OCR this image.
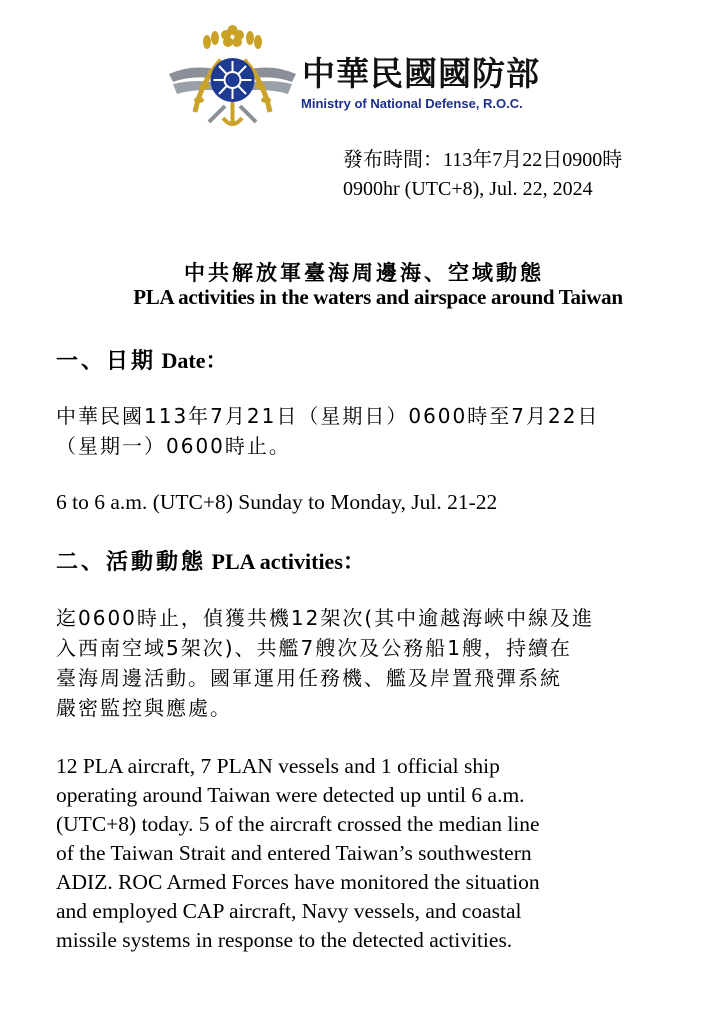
中華民國國防部
Ministry of National Defense, R.O.C.
發布時間：113年7月22日0900時
0900hr (UTC+8), Jul. 22, 2024
中共解放軍臺海周邊海、空域動態
PLA activities in the waters and airspace around Taiwan
一、日期 Date：
中華民國113年7月21日（星期日）0600時至7月22日
（星期一）0600時止。
6 to 6 a.m. (UTC+8) Sunday to Monday, Jul. 21-22
二、活動動態 PLA activities：
迄0600時止，偵獲共機12架次(其中逾越海峽中線及進
入西南空域5架次)、共艦7艘次及公務船1艘，持續在
臺海周邊活動。國軍運用任務機、艦及岸置飛彈系統
嚴密監控與應處。
12 PLA aircraft, 7 PLAN vessels and 1 official ship
operating around Taiwan were detected up until 6 a.m.
(UTC+8) today. 5 of the aircraft crossed the median line
of the Taiwan Strait and entered Taiwan’s southwestern
ADIZ. ROC Armed Forces have monitored the situation
and employed CAP aircraft, Navy vessels, and coastal
missile systems in response to the detected activities.
